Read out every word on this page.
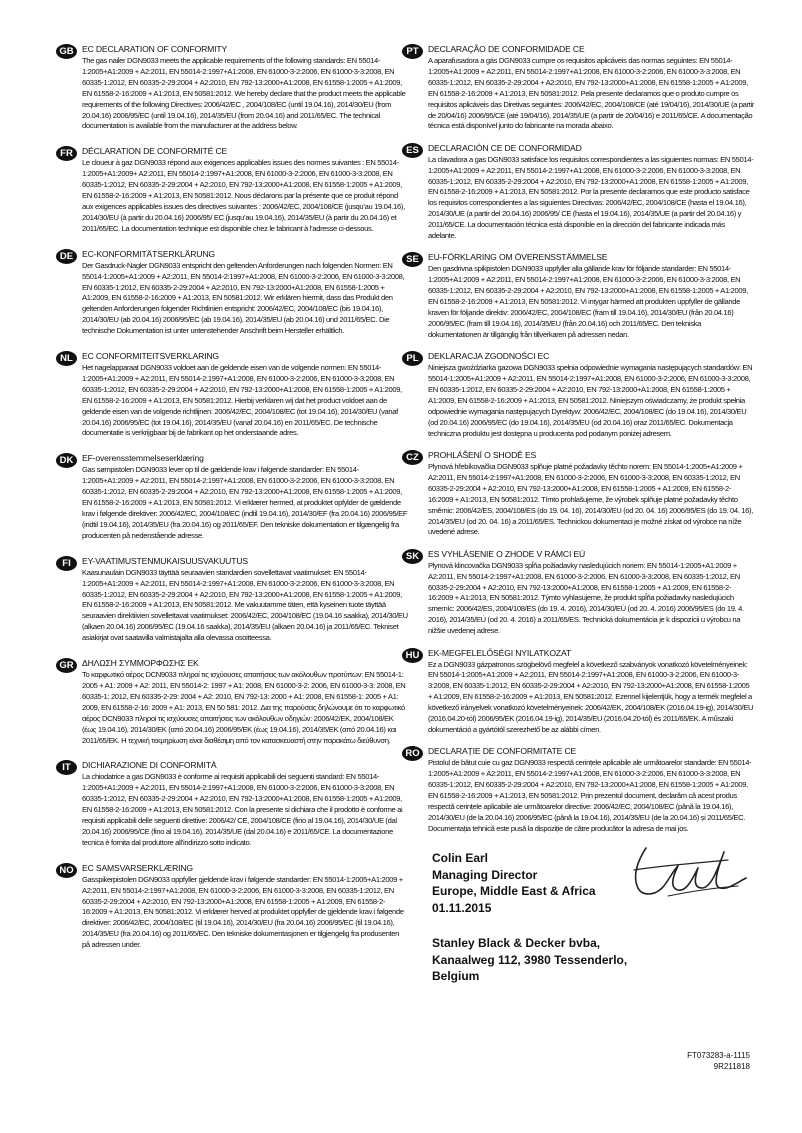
GB EC DECLARATION OF CONFORMITY

The gas nailer DGN9033 meets the applicable requirements of the following standards: EN 55014-1:2005+A1:2009 + A2:2011, EN 55014-2:1997+A1:2008, EN 61000-3-2:2006, EN 61000-3-3:2008, EN 60335-1:2012, EN 60335-2-29:2004 + A2:2010, EN 792-13:2000+A1:2008, EN 61558-1:2005 + A1:2009, EN 61558-2-16:2009 + A1:2013, EN 50581:2012. We hereby declare that the product meets the applicable requirements of the following Directives: 2006/42/EC , 2004/108/EC (until 19.04.16), 2014/30/EU (from 20.04.16) 2006/95/EC (until 19.04.16), 2014/35/EU (from 20.04.16) and 2011/65/EC. The technical documentation is available from the manufacturer at the address below.

FR	DÉCLARATION DE CONFORMITÉ CE

Le cloueur à gaz DGN9033 répond aux exigences applicables issues des normes suivantes : EN 55014-1:2005+A1:2009+ A2:2011, EN 55014-2:1997+A1:2008, EN 61000-3-2:2006, EN 61000-3-3:2008, EN 60335-1:2012, EN 60335-2-29:2004 + A2:2010, EN 792-13:2000+A1:2008, EN 61558-1:2005 + A1:2009, EN 61558-2-16:2009 + A1:2013, EN 50581:2012. Nous déclarons par la présente que ce produit répond aux exigences applicables issues des directives suivantes : 2006/42/EC, 2004/108/CE (jusqu’au 19.04.16), 2014/30/EU (à partir du 20.04.16) 2006/95/ EC (jusqu’au 19.04.16), 2014/35/EU (à partir du 20.04.16) et 2011/65/EC. La documentation technique est disponible chez le fabricant à l’adresse ci-dessous.

DE	EC-KONFORMITÄTSERKLÄRUNG

Der Gasdruck-Nagler DGN9033 entspricht den geltenden Anforderungen nach folgenden Normen: EN 55014-1:2005+A1:2009 + A2:2011, EN 55014-2:1997+A1:2008, EN 61000-3-2:2006, EN 61000-3-3:2008, EN 60335-1:2012, EN 60335-2-29:2004 + A2:2010, EN 792-13:2000+A1:2008, EN 61558-1:2005 + A1:2009, EN 61558-2-16:2009 + A1:2013, EN 50581:2012. Wir erklären hiermit, dass das Produkt den geltenden Anforderungen folgender Richtlinien entspricht: 2006/42/EC, 2004/108/EC (bis 19.04.16), 2014/30/EU (ab 20.04.16) 2006/95/EC (ab 19.04.16), 2014/35/EU (ab 20.04.16) und 2011/65/EC. Die technische Dokumentation ist unter untenstehender Anschrift beim Hersteller erhältlich.

NL	EC CONFORMITEITSVERKLARING

Het nagelapparaat DGN9033 voldoet aan de geldende eisen van de volgende normen: EN 55014-1:2005+A1:2009 + A2:2011, EN 55014-2:1997+A1:2008, EN 61000-3-2:2006, EN 61000-3-3:2008, EN 60335-1:2012, EN 60335-2-29:2004 + A2:2010, EN 792-13:2000+A1:2008, EN 61558-1:2005 + A1:2009, EN 61558-2-16:2009 + A1:2013, EN 50581:2012. Hierbij verklaren wij dat het product voldoet aan de geldende eisen van de volgende richtlijnen: 2006/42/EC, 2004/108/EC (tot 19.04.16), 2014/30/EU (vanaf 20.04.16) 2006/95/EC (tot 19.04.16), 2014/35/EU (vanaf 20.04.16) en 2011/65/EC. De technische documentatie is verkrijgbaar bij de fabrikant op het onderstaande adres.

DK	EF-overensstemmelseserklæring

Gas sømpistolen DGN9033 lever op til de gældende krav i følgende standarder: EN 55014-1:2005+A1:2009 + A2:2011, EN 55014-2:1997+A1:2008, EN 61000-3-2:2006, EN 61000-3-3:2008, EN 60335-1:2012, EN 60335-2-29:2004 + A2:2010, EN 792-13:2000+A1:2008, EN 61558-1:2005 + A1:2009, EN 61558-2-16:2009 + A1:2013, EN 50581:2012. Vi erklærer hermed, at produktet opfylder de gældende krav i følgende direktiver: 2006/42/EC, 2004/108/EC (indtil 19.04.16), 2014/30/EF (fra 20.04.16) 2006/95/EF (indtil 19.04.16), 2014/35/EU (fra 20.04.16) og 2011/65/EF. Den tekniske dokumentation er tilgængelig fra producenten på nedenstående adresse.

FI	EY-VAATIMUSTENMUKAISUUSVAKUUTUS

Kaasunaulain DGN9033 täyttää seuraavien standardien sovellettavat vaatimukset: EN 55014-1:2005+A1:2009 + A2:2011, EN 55014-2:1997+A1:2008, EN 61000-3-2:2006, EN 61000-3-3:2008, EN 60335-1:2012, EN 60335-2-29:2004 + A2:2010, EN 792-13:2000+A1:2008, EN 61558-1:2005 + A1:2009, EN 61558-2-16:2009 + A1:2013, EN 50581:2012. Me vakuutamme täten, että kyseinen tuote täyttää seuraavien direktiivien sovellettavat vaatimukset: 2006/42/EC, 2004/108/EC (19.04.16 saakka), 2014/30/EU (alkaen 20.04.16) 2006/95/EC (19.04.16 saakka), 2014/35/EU (alkaen 20.04.16) ja 2011/65/EC. Tekniset asiakirjat ovat saatavilla valmistajalta alla olevassa osoitteessa.

GR ΔΗΛΩΣΗ ΣΥΜΜΟΡΦΩΣΗΣ ΕΚ

Το καρφωτικό αέρος DCN9033 πληροί τις ισχύουσες απαιτήσεις των ακόλουθων προτύπων: EN 55014-1: 2005 + A1: 2009 + A2: 2011, EN 55014-2: 1997 + A1: 2008, EN 61000-3-2: 2006, EN 61000-3-3: 2008, EN 60335-1: 2012, EN 60335-2-29: 2004 + A2: 2010, EN 792-13: 2000 + A1: 2008, EN 61558-1: 2005 + A1: 2009, EN 61558-2-16: 2009 + A1: 2013, EN 50 581: 2012. Δια της παρούσας δηλώνουμε ότι το καρφωτικό αέρος DCN9033 πληροί τις ισχύουσες απαιτήσεις των ακόλουθων οδηγιών: 2006/42/ΕΚ, 2004/108/ΕΚ (έως 19.04.16), 2014/30/ΕΚ (από 20.04.16) 2006/95/ΕΚ (έως 19.04.16), 2014/35/ΕΚ (από 20.04.16) και 2011/65/ΕΚ. Η τεχνική τεκμηρίωση είναι διαθέσιμη από τον κατασκευαστή στην παρακάτω διεύθυνση.

IT	DICHIARAZIONE DI CONFORMITÀ

La chiodatrice a gas DGN9033 è conforme ai requisiti applicabili dei seguenti standard: EN 55014-1:2005+A1:2009 + A2:2011, EN 55014-2:1997+A1:2008, EN 61000-3-2:2006, EN 61000-3-3:2008, EN 60335-1:2012, EN 60335-2-29:2004 + A2:2010, EN 792-13:2000+A1:2008, EN 61558-1:2005 + A1:2009, EN 61558-2-16:2009 + A1:2013, EN 50581:2012. Con la presente si dichiara che il prodotto è conforme ai requisiti applicabili delle seguenti direttive: 2006/42/ CE, 2004/108/CE (fino al 19.04.16), 2014/30/UE (dal 20.04.16) 2006/95/CE (fino al 19.04.16), 2014/35/UE (dal 20.04.16) e 2011/65/CE. La documentazione tecnica è fornita dal produttore all’indirizzo sotto indicato.

NO EC SAMSVARSERKLÆRING

Gasspikerpistolen DGN9033 oppfyller gjeldende krav i følgende standarder: EN 55014-1:2005+A1:2009 + A2:2011, EN 55014-2:1997+A1:2008, EN 61000-3-2:2006, EN 61000-3-3:2008, EN 60335-1:2012, EN 60335-2-29:2004 + A2:2010, EN 792-13:2000+A1:2008, EN 61558-1:2005 + A1:2009, EN 61558-2-16:2009 + A1:2013, EN 50581:2012. Vi erklærer herved at produktet oppfyller de gjeldende krav i følgende direktiver: 2006/42/EC, 2004/108/EC (til 19.04.16), 2014/30/EU (fra 20.04.16) 2006/95/EC (til 19.04.16), 2014/35/EU (fra 20.04.16) og 2011/65/EC. Den tekniske dokumentasjonen er tilgjengelig fra produsenten på adressen under.

PT	DECLARAÇÃO DE CONFORMIDADE CE

A aparafusadora a gás DGN9033 cumpre os requisitos aplicáveis das normas seguintes: EN 55014-1:2005+A1:2009 + A2:2011, EN 55014-2:1997+A1:2008, EN 61000-3-2:2006, EN 61000-3-3:2008, EN 60335-1:2012, EN 60335-2-29:2004 + A2:2010, EN 792-13:2000+A1:2008, EN 61558-1:2005 + A1:2009, EN 61558-2-16:2009 + A1:2013, EN 50581:2012. Pela presente declaramos que o produto cumpre os requisitos aplicáveis das Diretivas seguintes: 2006/42/EC, 2004/108/CE (até 19/04/16), 2014/30/UE (a partir de 20/04/16) 2006/95/CE (até 19/04/16), 2014/35/UE (a partir de 20/04/16) e 2011/65/CE. A documentação técnica está disponível junto do fabricante na morada abaixo.

ES	DECLARACIÓN CE DE CONFORMIDAD

La clavadora a gas DGN9033 satisface los requisitos correspondientes a las siguientes normas: EN 55014-1:2005+A1:2009 + A2:2011, EN 55014-2:1997+A1:2008, EN 61000-3-2:2006, EN 61000-3-3:2008, EN 60335-1:2012, EN 60335-2-29:2004 + A2:2010, EN 792-13:2000+A1:2008, EN 61558-1:2005 + A1:2009, EN 61558-2-16:2009 + A1:2013, EN 50581:2012. Por la presente declaramos que este producto satisface los requisitos correspondientes a las siguientes Directivas: 2006/42/EC, 2004/108/CE (hasta el 19.04.16), 2014/30/UE (a partir del 20.04.16) 2006/95/ CE (hasta el 19.04.16), 2014/35/UE (a partir del 20.04.16) y 2011/65/CE. La documentación técnica está disponible en la dirección del fabricante indicada más adelante.

SE	EU-FÖRKLARING OM ÖVERENSSTÄMMELSE

Den gasdrivna spikpistolen DGN9033 uppfyller alla gällande krav för följande standarder: EN 55014-1:2005+A1:2009 + A2:2011, EN 55014-2:1997+A1:2008, EN 61000-3-2:2006, EN 61000-3-3:2008, EN 60335-1:2012, EN 60335-2-29:2004 + A2:2010, EN 792-13:2000+A1:2008, EN 61558-1:2005 + A1:2009, EN 61558-2-16:2009 + A1:2013, EN 50581:2012. Vi intygar härmed att produkten uppfyller de gällande kraven för följande direktiv: 2006/42/EC, 2004/108/EC (fram till 19.04.16), 2014/30/EU (från 20.04.16) 2006/95/EC (fram till 19.04.16), 2014/35/EU (från 20.04.16) och 2011/65/EC. Den tekniska dokumentationen är tillgänglig från tillverkaren på adressen nedan.

PL	DEKLARACJA ZGODNOŚCI EC

Niniejsza gwoździarka gazowa DGN9033 spełnia odpowiednie wymagania następujących standardów: EN 55014-1:2005+A1:2009 + A2:2011, EN 55014-2:1997+A1:2008, EN 61000-3-2:2006, EN 61000-3-3:2008, EN 60335-1:2012, EN 60335-2-29:2004 + A2:2010, EN 792-13:2000+A1:2008, EN 61558-1:2005 + A1:2009, EN 61558-2-16:2009 + A1:2013, EN 50581:2012. Niniejszym oświadczamy, że produkt spełnia odpowiednie wymagania następujących Dyrektyw: 2006/42/EC, 2004/108/EC (do 19.04.16), 2014/30/EU (od 20.04.16) 2006/95/EC (do 19.04.16), 2014/35/EU (od 20.04.16) oraz 2011/65/EC. Dokumentacja techniczna produktu jest dostępna u producenta pod podanym poniżej adresem.

CZ	PROHLÁŠENÍ O SHODĚ ES

Plynová hřebíkovačka DGN9033 splňuje platné požadavky těchto norem: EN 55014-1:2005+A1:2009 + A2:2011, EN 55014-2:1997+A1:2008, EN 61000-3-2:2006, EN 61000-3-3:2008, EN 60335-1:2012, EN 60335-2-29:2004 + A2:2010, EN 792-13:2000+A1:2008, EN 61558-1:2005 + A1:2009, EN 61558-2-16:2009 + A1:2013, EN 50581:2012. Tímto prohlašujeme, že výrobek splňuje platné požadavky těchto směrnic: 2006/42/ES, 2004/108/ES (do 19. 04. 16), 2014/30/EU (od 20. 04. 16) 2006/95/ES (do 19. 04. 16), 2014/35/EU (od 20. 04. 16) a 2011/65/ES. Technickou dokumentaci je možné získat od výrobce na níže uvedené adrese.

SK	ES VYHLÁSENIE O ZHODE V RÁMCI EÚ

Plynová klincovačka DGN9033 spĺňa požiadavky nasledujúcich noriem: EN 55014-1:2005+A1:2009 + A2:2011, EN 55014-2:1997+A1:2008, EN 61000-3-2:2006, EN 61000-3-3:2008, EN 60335-1:2012, EN 60335-2-29:2004 + A2:2010, EN 792-13:2000+A1:2008, EN 61558-1:2005 + A1:2009, EN 61558-2-16:2009 + A1:2013, EN 50581:2012. Týmto vyhlasujeme, že produkt spĺňa požiadavky nasledujúcich smerníc: 2006/42/ES, 2004/108/ES (do 19. 4. 2016), 2014/30/EÚ (od 20. 4. 2016) 2006/95/ES (do 19. 4. 2016), 2014/35/EÚ (od 20. 4. 2016) a 2011/65/ES. Technická dokumentácia je k dispozícii u výrobcu na nižšie uvedenej adrese.

HU	EK-MEGFELELŐSÉGI NYILATKOZAT

Ez a DGN9033 gázpatronos szögbelövő megfelel a következő szabványok vonatkozó követelményeinek: EN 55014-1:2005+A1:2009 + A2:2011, EN 55014-2:1997+A1:2008, EN 61000-3-2:2006, EN 61000-3-3:2008, EN 60335-1:2012, EN 60335-2-29:2004 + A2:2010, EN 792-13:2000+A1:2008, EN 61558-1:2005 + A1:2009, EN 61558-2-16:2009 + A1:2013, EN 50581:2012. Ezennel kijelentjük, hogy a termék megfelel a következő irányelvek vonatkozó követelményeinek: 2006/42/EK, 2004/108/EK (2016.04.19-ig), 2014/30/EU (2016.04.20-tól) 2006/95/EK (2016.04.19-ig), 2014/35/EU (2016.04.20-tól) és 2011/65/EK. A műszaki dokumentáció a gyártótól szerezhető be az alábbi címen.

RO DECLARAȚIE DE CONFORMITATE CE

Pistolul de bătut cuie cu gaz DGN9033 respectă cerințele aplicabile ale următoarelor standarde: EN 55014-1:2005+A1:2009 + A2:2011, EN 55014-2:1997+A1:2008, EN 61000-3-2:2006, EN 61000-3-3:2008, EN 60335-1:2012, EN 60335-2-29:2004 + A2:2010, EN 792-13:2000+A1:2008, EN 61558-1:2005 + A1:2009, EN 61558-2-16:2009 + A1:2013, EN 50581:2012. Prin prezentul document, declarăm că acest produs respectă cerințele aplicabile ale următoarelor directive: 2006/42/EC, 2004/108/EC (până la 19.04.16), 2014/30/EU (de la 20.04.16) 2006/95/EC (până la 19.04.16), 2014/35/EU (de la 20.04.16) și 2011/65/EC. Documentația tehnică este pusă la dispoziție de către producător la adresa de mai jos.

Colin Earl
Managing Director
Europe, Middle East & Africa
01.11.2015
Stanley Black & Decker bvba,
Kanaalweg 112, 3980 Tessenderlo,
Belgium
FT073283-a-1115
9R211818
